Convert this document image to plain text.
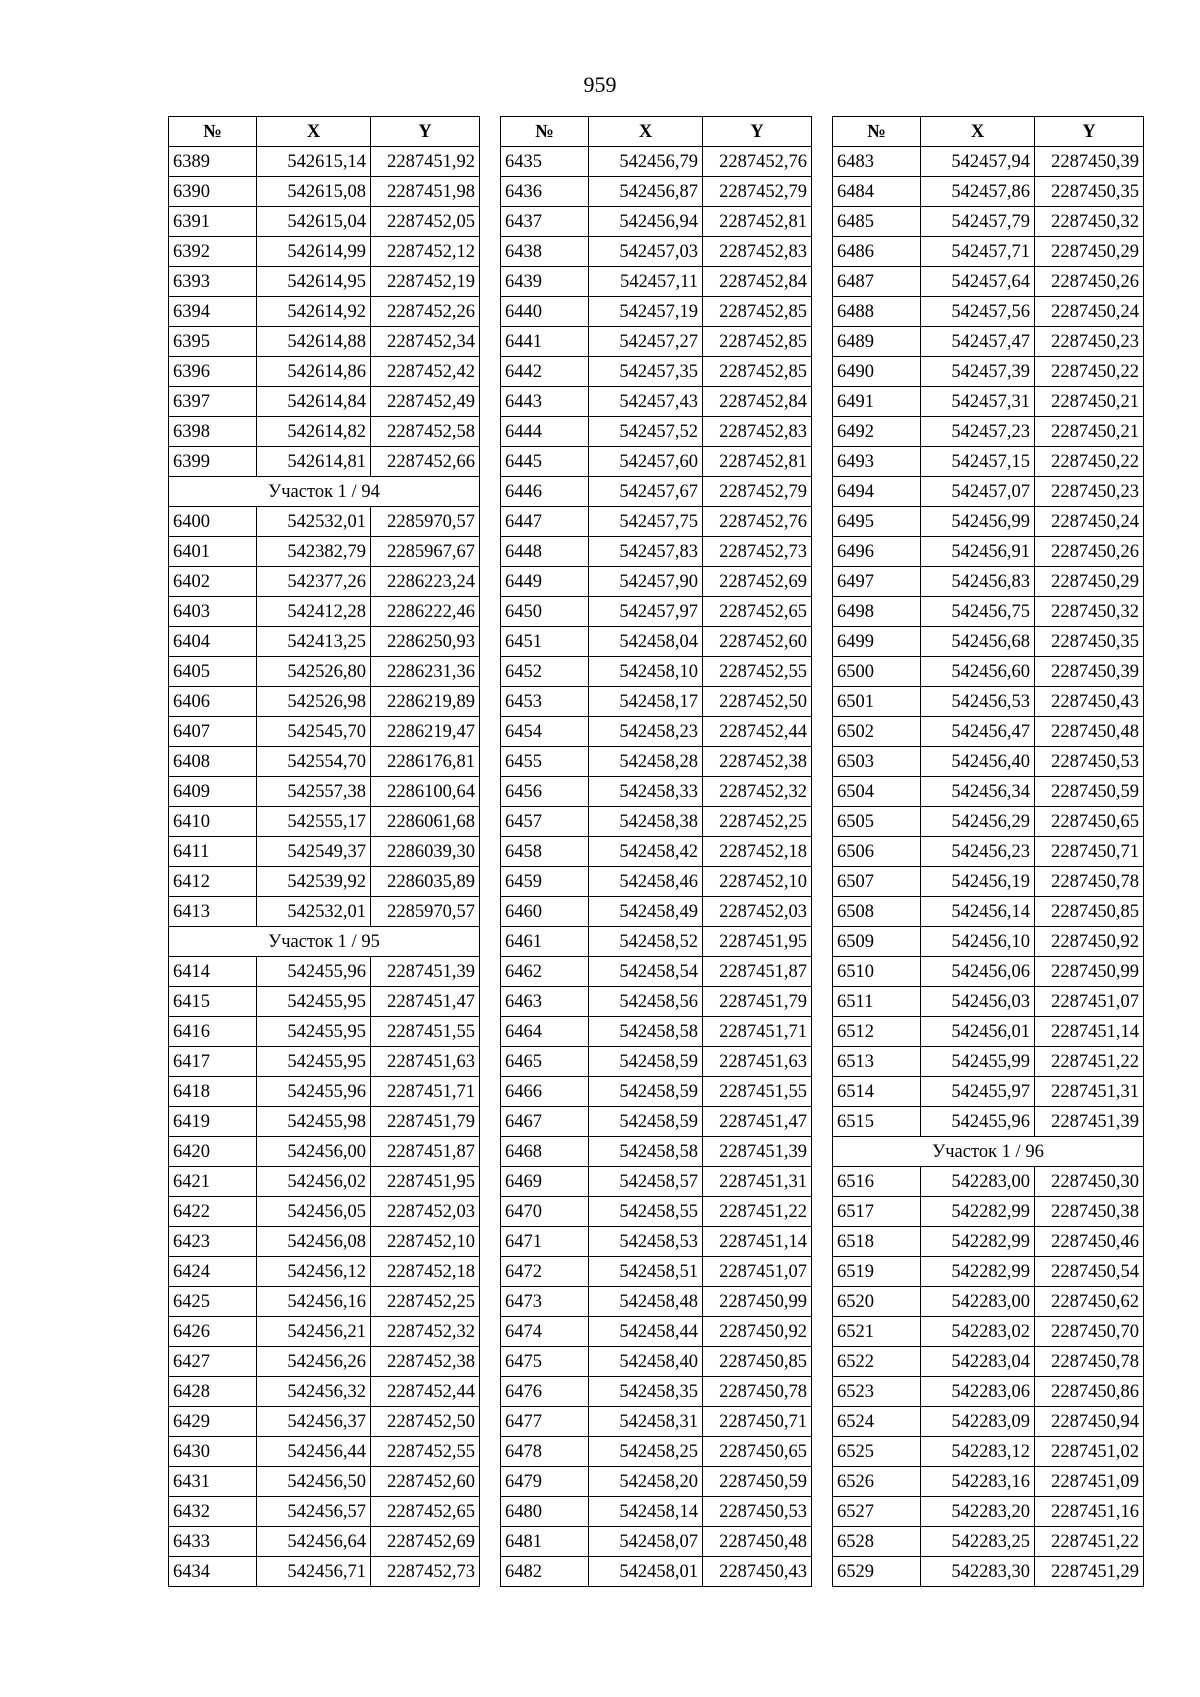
959
№	X	Y
6389	542615,14	2287451,92
6390	542615,08	2287451,98
6391	542615,04	2287452,05
6392	542614,99	2287452,12
6393	542614,95	2287452,19
6394	542614,92	2287452,26
6395	542614,88	2287452,34
6396	542614,86	2287452,42
6397	542614,84	2287452,49
6398	542614,82	2287452,58
6399	542614,81	2287452,66
Участок 1 / 94		
6400	542532,01	2285970,57
6401	542382,79	2285967,67
6402	542377,26	2286223,24
6403	542412,28	2286222,46
6404	542413,25	2286250,93
6405	542526,80	2286231,36
6406	542526,98	2286219,89
6407	542545,70	2286219,47
6408	542554,70	2286176,81
6409	542557,38	2286100,64
6410	542555,17	2286061,68
6411	542549,37	2286039,30
6412	542539,92	2286035,89
6413	542532,01	2285970,57
Участок 1 / 95		
6414	542455,96	2287451,39
6415	542455,95	2287451,47
6416	542455,95	2287451,55
6417	542455,95	2287451,63
6418	542455,96	2287451,71
6419	542455,98	2287451,79
6420	542456,00	2287451,87
6421	542456,02	2287451,95
6422	542456,05	2287452,03
6423	542456,08	2287452,10
6424	542456,12	2287452,18
6425	542456,16	2287452,25
6426	542456,21	2287452,32
6427	542456,26	2287452,38
6428	542456,32	2287452,44
6429	542456,37	2287452,50
6430	542456,44	2287452,55
6431	542456,50	2287452,60
6432	542456,57	2287452,65
6433	542456,64	2287452,69
6434	542456,71	2287452,73
№	X	Y
6435	542456,79	2287452,76
6436	542456,87	2287452,79
6437	542456,94	2287452,81
6438	542457,03	2287452,83
6439	542457,11	2287452,84
6440	542457,19	2287452,85
6441	542457,27	2287452,85
6442	542457,35	2287452,85
6443	542457,43	2287452,84
6444	542457,52	2287452,83
6445	542457,60	2287452,81
6446	542457,67	2287452,79
6447	542457,75	2287452,76
6448	542457,83	2287452,73
6449	542457,90	2287452,69
6450	542457,97	2287452,65
6451	542458,04	2287452,60
6452	542458,10	2287452,55
6453	542458,17	2287452,50
6454	542458,23	2287452,44
6455	542458,28	2287452,38
6456	542458,33	2287452,32
6457	542458,38	2287452,25
6458	542458,42	2287452,18
6459	542458,46	2287452,10
6460	542458,49	2287452,03
6461	542458,52	2287451,95
6462	542458,54	2287451,87
6463	542458,56	2287451,79
6464	542458,58	2287451,71
6465	542458,59	2287451,63
6466	542458,59	2287451,55
6467	542458,59	2287451,47
6468	542458,58	2287451,39
6469	542458,57	2287451,31
6470	542458,55	2287451,22
6471	542458,53	2287451,14
6472	542458,51	2287451,07
6473	542458,48	2287450,99
6474	542458,44	2287450,92
6475	542458,40	2287450,85
6476	542458,35	2287450,78
6477	542458,31	2287450,71
6478	542458,25	2287450,65
6479	542458,20	2287450,59
6480	542458,14	2287450,53
6481	542458,07	2287450,48
6482	542458,01	2287450,43
№	X	Y
6483	542457,94	2287450,39
6484	542457,86	2287450,35
6485	542457,79	2287450,32
6486	542457,71	2287450,29
6487	542457,64	2287450,26
6488	542457,56	2287450,24
6489	542457,47	2287450,23
6490	542457,39	2287450,22
6491	542457,31	2287450,21
6492	542457,23	2287450,21
6493	542457,15	2287450,22
6494	542457,07	2287450,23
6495	542456,99	2287450,24
6496	542456,91	2287450,26
6497	542456,83	2287450,29
6498	542456,75	2287450,32
6499	542456,68	2287450,35
6500	542456,60	2287450,39
6501	542456,53	2287450,43
6502	542456,47	2287450,48
6503	542456,40	2287450,53
6504	542456,34	2287450,59
6505	542456,29	2287450,65
6506	542456,23	2287450,71
6507	542456,19	2287450,78
6508	542456,14	2287450,85
6509	542456,10	2287450,92
6510	542456,06	2287450,99
6511	542456,03	2287451,07
6512	542456,01	2287451,14
6513	542455,99	2287451,22
6514	542455,97	2287451,31
6515	542455,96	2287451,39
Участок 1 / 96		
6516	542283,00	2287450,30
6517	542282,99	2287450,38
6518	542282,99	2287450,46
6519	542282,99	2287450,54
6520	542283,00	2287450,62
6521	542283,02	2287450,70
6522	542283,04	2287450,78
6523	542283,06	2287450,86
6524	542283,09	2287450,94
6525	542283,12	2287451,02
6526	542283,16	2287451,09
6527	542283,20	2287451,16
6528	542283,25	2287451,22
6529	542283,30	2287451,29
